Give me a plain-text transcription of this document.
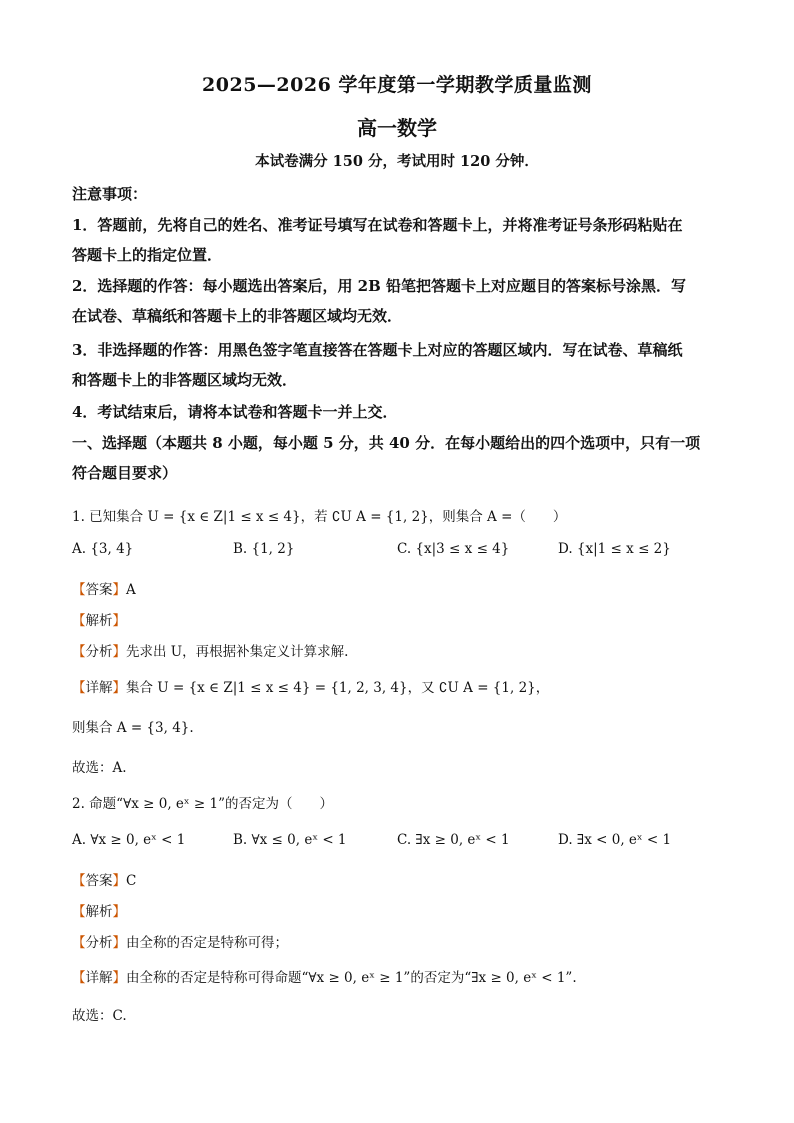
2025—2026 学年度第一学期教学质量监测
高一数学
本试卷满分 150 分，考试用时 120 分钟．
注意事项：
1．答题前，先将自己的姓名、准考证号填写在试卷和答题卡上，并将准考证号条形码粘贴在
答题卡上的指定位置．
2．选择题的作答：每小题选出答案后，用 2B 铅笔把答题卡上对应题目的答案标号涂黑．写
在试卷、草稿纸和答题卡上的非答题区域均无效．
3．非选择题的作答：用黑色签字笔直接答在答题卡上对应的答题区域内．写在试卷、草稿纸
和答题卡上的非答题区域均无效．
4．考试结束后，请将本试卷和答题卡一并上交．
一、选择题（本题共 8 小题，每小题 5 分，共 40 分．在每小题给出的四个选项中，只有一项
符合题目要求）
1. 已知集合 U = {x ∈ Z|1 ≤ x ≤ 4}，若 ∁U A = {1, 2}，则集合 A =（　　）
A. {3, 4}	B. {1, 2}	C. {x|3 ≤ x ≤ 4}	D. {x|1 ≤ x ≤ 2}
【答案】A
【解析】
【分析】先求出 U，再根据补集定义计算求解.
【详解】集合 U = {x ∈ Z|1 ≤ x ≤ 4} = {1, 2, 3, 4}，又 ∁U A = {1, 2}，
则集合 A = {3, 4}.
故选：A.
2. 命题“∀x ≥ 0, eˣ ≥ 1”的否定为（　　）
A. ∀x ≥ 0, eˣ < 1	B. ∀x ≤ 0, eˣ < 1	C. ∃x ≥ 0, eˣ < 1	D. ∃x < 0, eˣ < 1
【答案】C
【解析】
【分析】由全称的否定是特称可得；
【详解】由全称的否定是特称可得命题“∀x ≥ 0, eˣ ≥ 1”的否定为“∃x ≥ 0, eˣ < 1”.
故选：C.
